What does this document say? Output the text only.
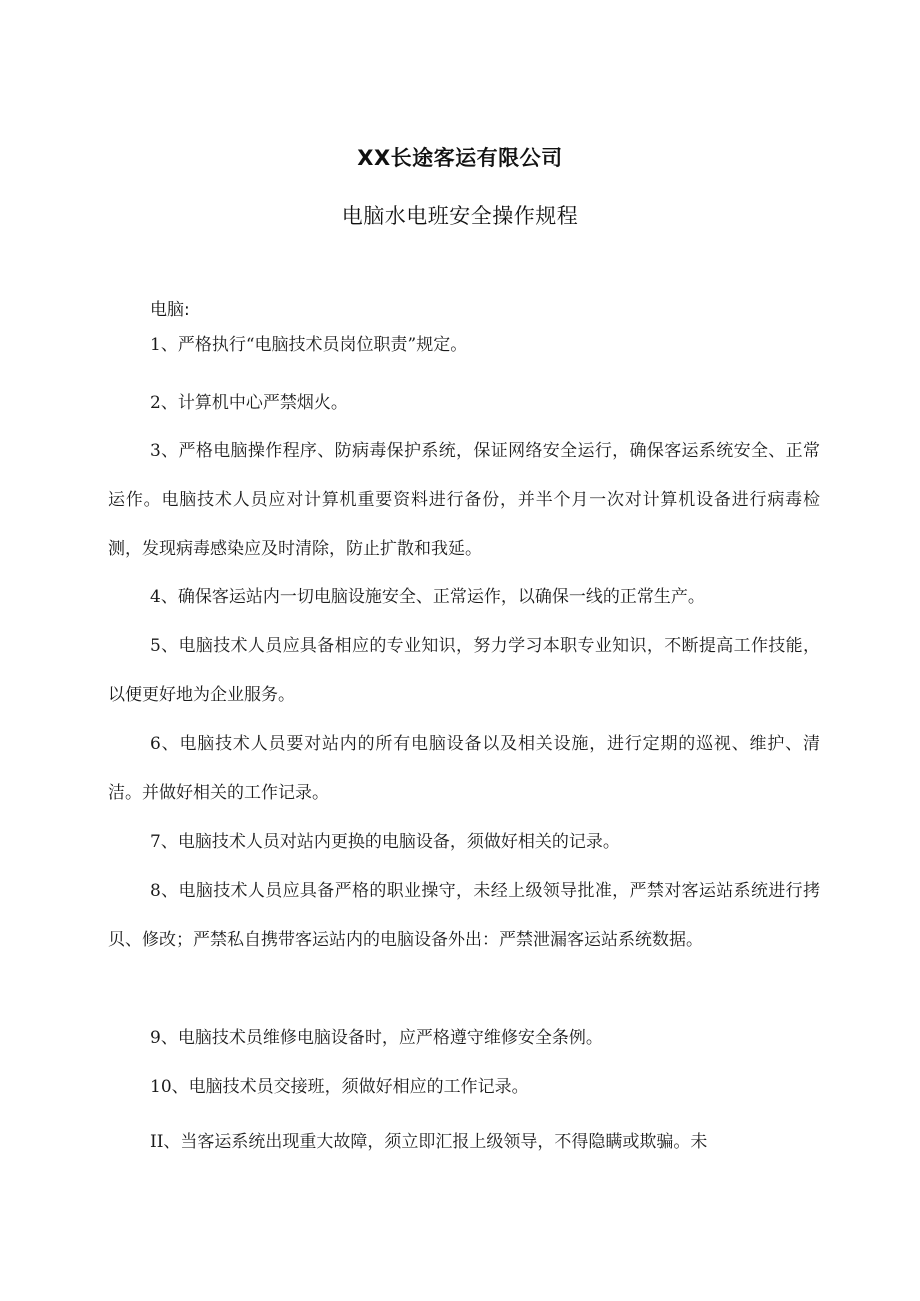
XX长途客运有限公司
电脑水电班安全操作规程
电脑:

1、严格执行“电脑技术员岗位职责”规定。

2、计算机中心严禁烟火。

3、严格电脑操作程序、防病毒保护系统，保证网络安全运行，确保客运系统安全、正常运作。电脑技术人员应对计算机重要资料进行备份，并半个月一次对计算机设备进行病毒检测，发现病毒感染应及时清除，防止扩散和我延。

4、确保客运站内一切电脑设施安全、正常运作，以确保一线的正常生产。

5、电脑技术人员应具备相应的专业知识，努力学习本职专业知识，不断提高工作技能，以便更好地为企业服务。

6、电脑技术人员要对站内的所有电脑设备以及相关设施，进行定期的巡视、维护、清洁。并做好相关的工作记录。

7、电脑技术人员对站内更换的电脑设备，须做好相关的记录。

8、电脑技术人员应具备严格的职业操守，未经上级领导批准，严禁对客运站系统进行拷贝、修改；严禁私自携带客运站内的电脑设备外出：严禁泄漏客运站系统数据。

9、电脑技术员维修电脑设备时，应严格遵守维修安全条例。

10、电脑技术员交接班，须做好相应的工作记录。

II、当客运系统出现重大故障，须立即汇报上级领导，不得隐瞒或欺骗。未
